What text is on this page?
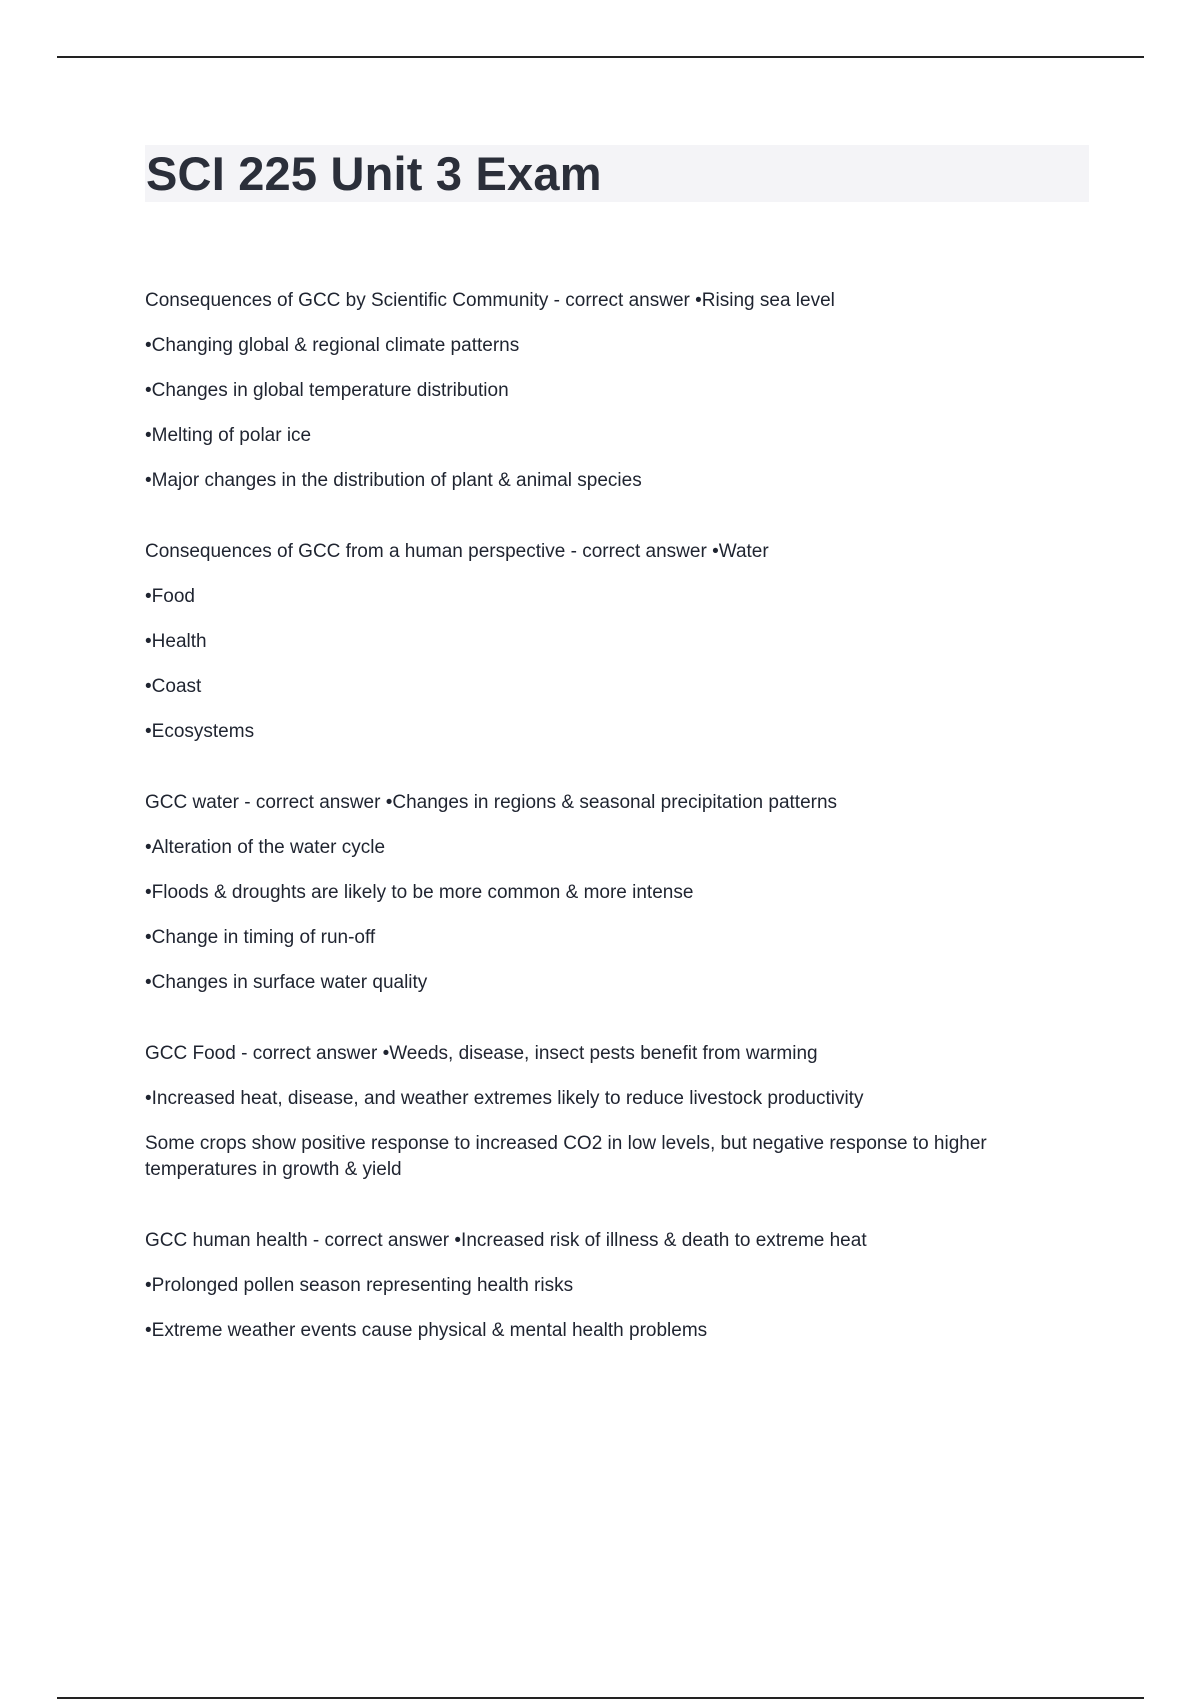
SCI 225 Unit 3 Exam

Consequences of GCC by Scientific Community - correct answer •Rising sea level

•Changing global & regional climate patterns

•Changes in global temperature distribution

•Melting of polar ice

•Major changes in the distribution of plant & animal species

Consequences of GCC from a human perspective - correct answer •Water

•Food

•Health

•Coast

•Ecosystems

GCC water - correct answer •Changes in regions & seasonal precipitation patterns

•Alteration of the water cycle

•Floods & droughts are likely to be more common & more intense

•Change in timing of run-off

•Changes in surface water quality

GCC Food - correct answer •Weeds, disease, insect pests benefit from warming

•Increased heat, disease, and weather extremes likely to reduce livestock productivity

Some crops show positive response to increased CO2 in low levels, but negative response to higher temperatures in growth & yield

GCC human health - correct answer •Increased risk of illness & death to extreme heat

•Prolonged pollen season representing health risks

•Extreme weather events cause physical & mental health problems
